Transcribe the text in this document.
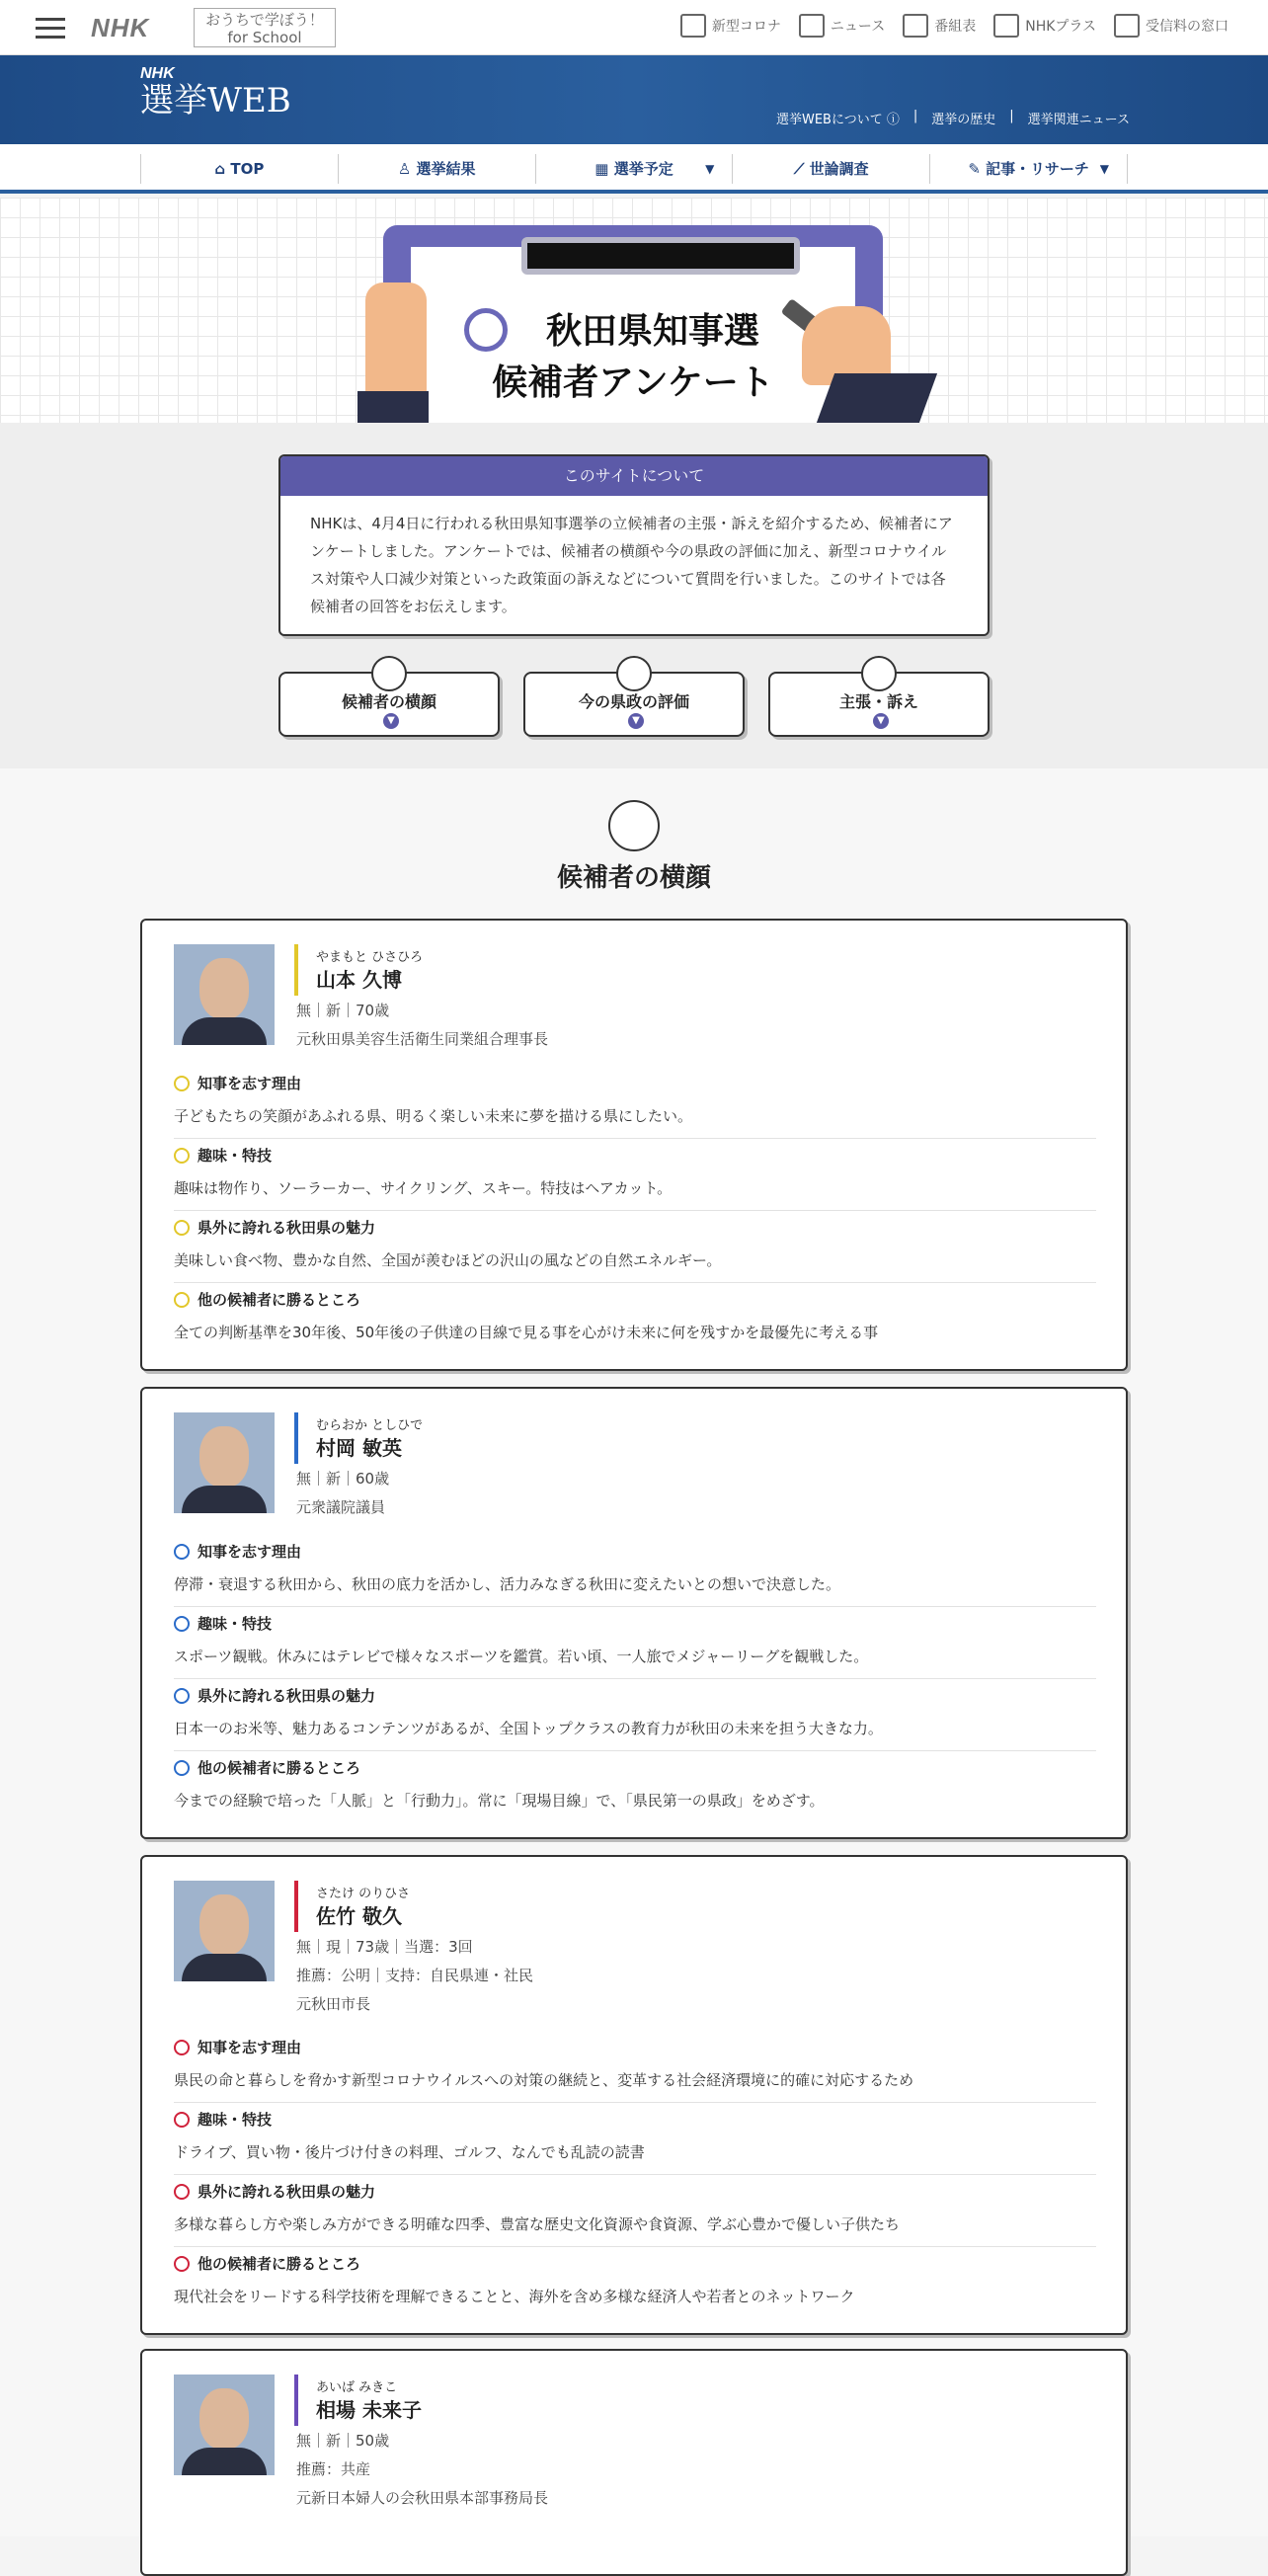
NHK	おうちで学ぼう！
for School
新型コロナ	ニュース	番組表	NHKプラス	受信料の窓口
NHK
選挙WEB	選挙WEBについて ⓘ | 選挙の歴史 | 選挙関連ニュース
⌂ TOP	♙ 選挙結果	▦ 選挙予定	▼	⟋ 世論調査	✎ 記事・リサーチ ▼
秋田県知事選
候補者アンケート
このサイトについて
NHKは、4月4日に行われる秋田県知事選挙の立候補者の主張・訴えを紹介するため、候補者にアンケートしました。アンケートでは、候補者の横顔や今の県政の評価に加え、新型コロナウイルス対策や人口減少対策といった政策面の訴えなどについて質問を行いました。このサイトでは各候補者の回答をお伝えします。
候補者の横顔
▼
今の県政の評価
▼
主張・訴え
▼
候補者の横顔
やまもと ひさひろ
山本 久博
無｜新｜70歳
元秋田県美容生活衛生同業組合理事長
知事を志す理由
子どもたちの笑顔があふれる県、明るく楽しい未来に夢を描ける県にしたい。
趣味・特技
趣味は物作り、ソーラーカー、サイクリング、スキー。特技はヘアカット。
県外に誇れる秋田県の魅力
美味しい食べ物、豊かな自然、全国が羨むほどの沢山の風などの自然エネルギー。
他の候補者に勝るところ
全ての判断基準を30年後、50年後の子供達の目線で見る事を心がけ未来に何を残すかを最優先に考える事
むらおか としひで
村岡 敏英
無｜新｜60歳
元衆議院議員
知事を志す理由
停滞・衰退する秋田から、秋田の底力を活かし、活力みなぎる秋田に変えたいとの想いで決意した。
趣味・特技
スポーツ観戦。休みにはテレビで様々なスポーツを鑑賞。若い頃、一人旅でメジャーリーグを観戦した。
県外に誇れる秋田県の魅力
日本一のお米等、魅力あるコンテンツがあるが、全国トップクラスの教育力が秋田の未来を担う大きな力。
他の候補者に勝るところ
今までの経験で培った「人脈」と「行動力」。常に「現場目線」で、「県民第一の県政」をめざす。
さたけ のりひさ
佐竹 敬久
無｜現｜73歳｜当選：3回
推薦：公明｜支持：自民県連・社民
元秋田市長
知事を志す理由
県民の命と暮らしを脅かす新型コロナウイルスへの対策の継続と、変革する社会経済環境に的確に対応するため
趣味・特技
ドライブ、買い物・後片づけ付きの料理、ゴルフ、なんでも乱読の読書
県外に誇れる秋田県の魅力
多様な暮らし方や楽しみ方ができる明確な四季、豊富な歴史文化資源や食資源、学ぶ心豊かで優しい子供たち
他の候補者に勝るところ
現代社会をリードする科学技術を理解できることと、海外を含め多様な経済人や若者とのネットワーク
あいば みきこ
相場 未来子
無｜新｜50歳
推薦：共産
元新日本婦人の会秋田県本部事務局長
